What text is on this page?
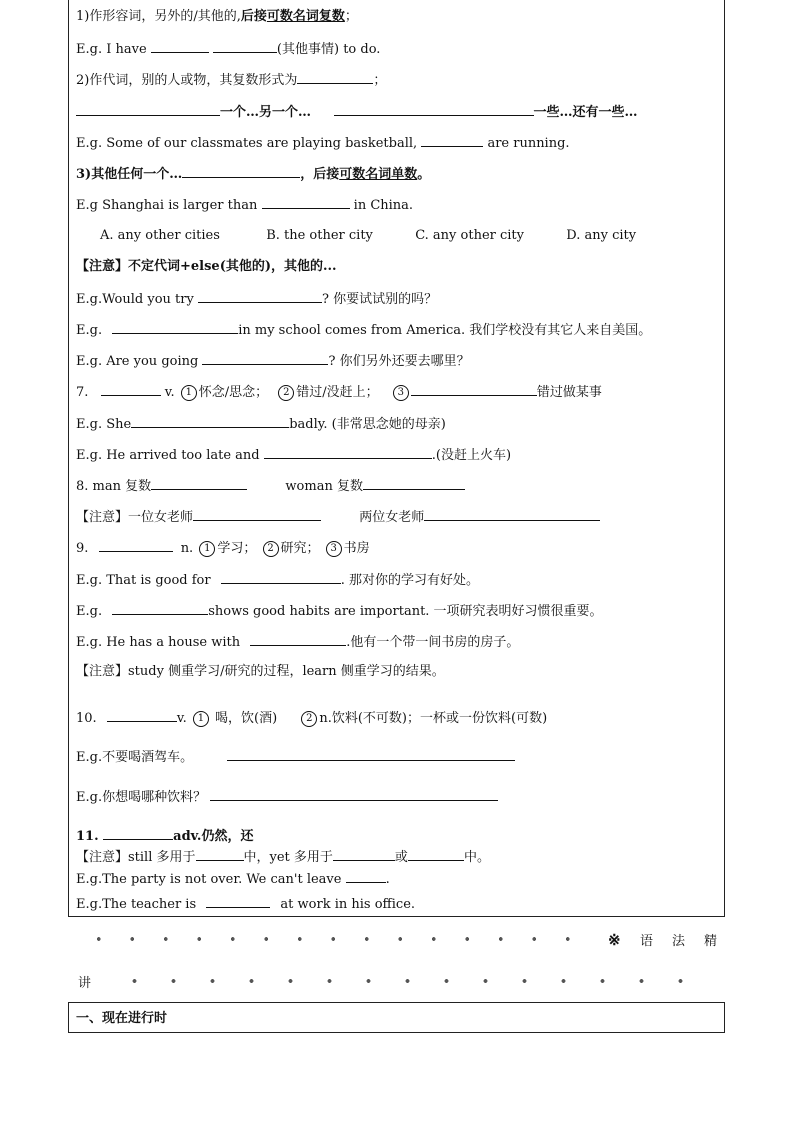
1)作形容词，另外的/其他的,后接可数名词复数；
E.g. I have	(其他事情) to do.
2)作代词，别的人或物，其复数形式为	；
一个…另一个…	一些…还有一些…
E.g. Some of our classmates are playing basketball,	are running.
3)其他任何一个…	，后接可数名词单数。
E.g Shanghai is larger than	in China.
A. any other cities	B. the other city	C. any other city	D. any city
【注意】不定代词+else(其他的)，其他的...
E.g.Would you try	? 你要试试别的吗？
E.g.	in my school comes from America. 我们学校没有其它人来自美国。
E.g. Are you going	? 你们另外还要去哪里？
7.	v. 1 怀念/思念； 2 错过/没赶上； 3	错过做某事
E.g. She	badly. (非常思念她的母亲)
E.g. He arrived too late and	.(没赶上火车)
8. man 复数	woman 复数
【注意】一位女老师	两位女老师
9.	n. 1 学习； 2 研究； 3 书房
E.g. That is good for	. 那对你的学习有好处。
E.g.	shows good habits are important. 一项研究表明好习惯很重要。
E.g. He has a house with	.他有一个带一间书房的房子。
【注意】study 侧重学习/研究的过程，learn 侧重学习的结果。
10.	v. 1 喝，饮(酒)	2 n.饮料(不可数)；一杯或一份饮料(可数)
E.g.不要喝酒驾车。
E.g.你想喝哪种饮料？
11.	adv.仍然，还
【注意】still 多用于	中，yet 多用于	或	中。
E.g.The party is not over. We can't leave	.
E.g.The teacher is	at work in his office.
※ 语 法 精
讲
一、现在进行时
